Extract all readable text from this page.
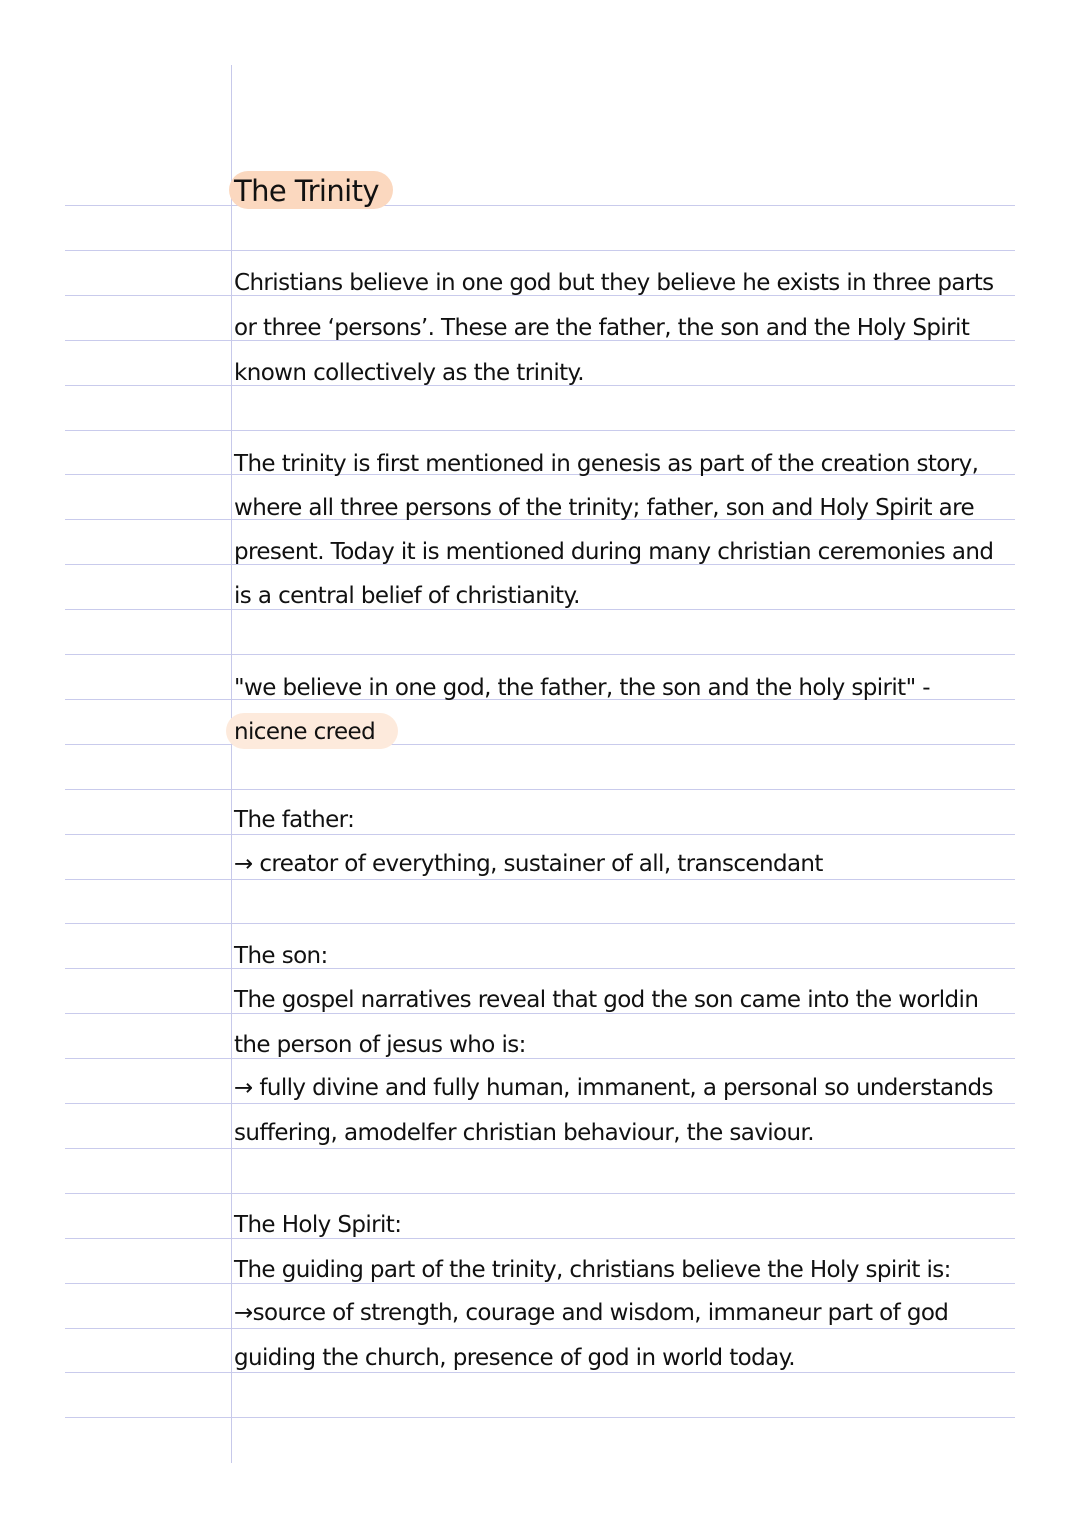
The Trinity
Christians believe in one god but they believe he exists in three parts
or three ‘persons’. These are the father, the son and the Holy Spirit
known collectively as the trinity.
The trinity is first mentioned in genesis as part of the creation story,
where all three persons of the trinity; father, son and Holy Spirit are
present. Today it is mentioned during many christian ceremonies and
is a central belief of christianity.
"we believe in one god, the father, the son and the holy spirit" -
nicene creed
The father:
→ creator of everything, sustainer of all, transcendant
The son:
The gospel narratives reveal that god the son came into the worldin
the person of jesus who is:
→ fully divine and fully human, immanent, a personal so understands
suffering, amodelfer christian behaviour, the saviour.
The Holy Spirit:
The guiding part of the trinity, christians believe the Holy spirit is:
→source of strength, courage and wisdom, immaneur part of god
guiding the church, presence of god in world today.
